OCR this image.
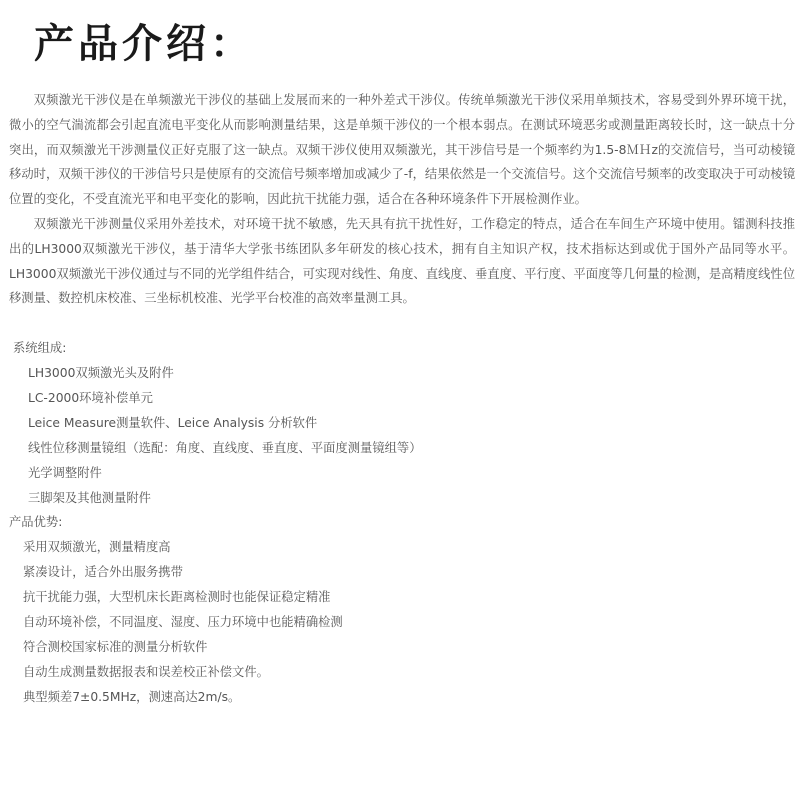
产品介绍：

双频激光干涉仪是在单频激光干涉仪的基础上发展而来的一种外差式干涉仪。传统单频激光干涉仪采用单频技术，容易受到外界环境干扰，微小的空气湍流都会引起直流电平变化从而影响测量结果，这是单频干涉仪的一个根本弱点。在测试环境恶劣或测量距离较长时，这一缺点十分突出，而双频激光干涉测量仪正好克服了这一缺点。双频干涉仪使用双频激光，其干涉信号是一个频率约为1.5-8ＭＨz的交流信号，当可动棱镜移动时，双频干涉仪的干涉信号只是使原有的交流信号频率增加或减少了-f，结果依然是一个交流信号。这个交流信号频率的改变取决于可动棱镜位置的变化，不受直流光平和电平变化的影响，因此抗干扰能力强，适合在各种环境条件下开展检测作业。

双频激光干涉测量仪采用外差技术，对环境干扰不敏感，先天具有抗干扰性好，工作稳定的特点，适合在车间生产环境中使用。镭测科技推出的LH3000双频激光干涉仪，基于清华大学张书练团队多年研发的核心技术，拥有自主知识产权，技术指标达到或优于国外产品同等水平。LH3000双频激光干涉仪通过与不同的光学组件结合，可实现对线性、角度、直线度、垂直度、平行度、平面度等几何量的检测，是高精度线性位移测量、数控机床校准、三坐标机校准、光学平台校准的高效率量测工具。

系统组成:
LH3000双频激光头及附件
LC-2000环境补偿单元
Leice Measure测量软件、Leice Analysis 分析软件
线性位移测量镜组（选配：角度、直线度、垂直度、平面度测量镜组等）
光学调整附件
三脚架及其他测量附件
产品优势:
采用双频激光，测量精度高
紧凑设计，适合外出服务携带
抗干扰能力强，大型机床长距离检测时也能保证稳定精准
自动环境补偿，不同温度、湿度、压力环境中也能精确检测
符合测校国家标准的测量分析软件
自动生成测量数据报表和误差校正补偿文件。
典型频差7±0.5MHz，测速高达2m/s。
